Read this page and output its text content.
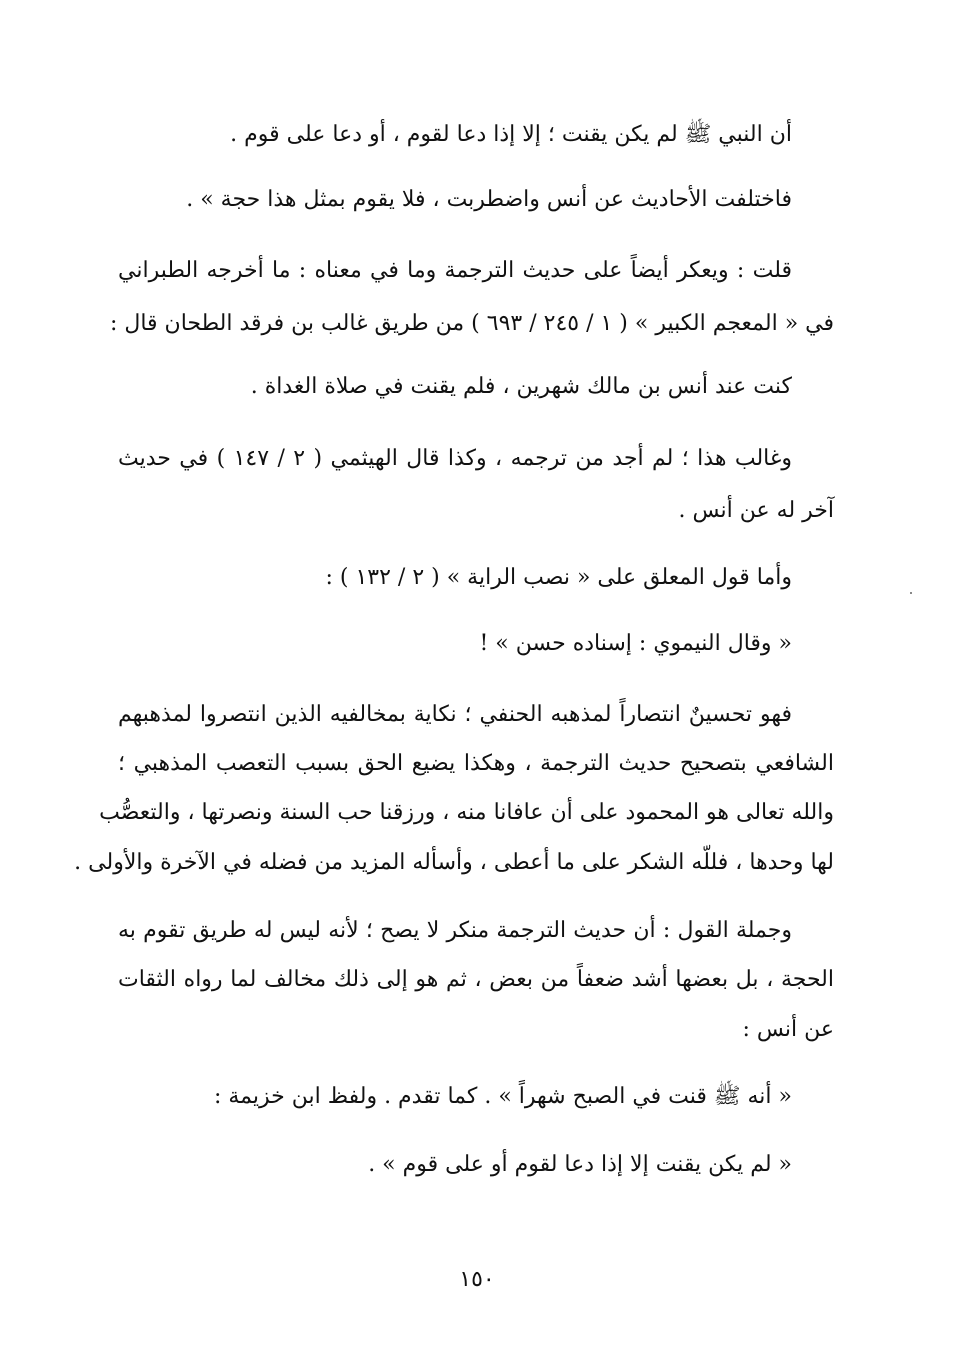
أن النبي ﷺ لم يكن يقنت ؛ إلا إذا دعا لقوم ، أو دعا على قوم .
فاختلفت الأحاديث عن أنس واضطربت ، فلا يقوم بمثل هذا حجة » .
قلت : ويعكر أيضاً على حديث الترجمة وما في معناه : ما أخرجه الطبراني
في « المعجم الكبير » ( ١ / ٢٤٥ / ٦٩٣ ) من طريق غالب بن فرقد الطحان قال :
كنت عند أنس بن مالك شهرين ، فلم يقنت في صلاة الغداة .
وغالب هذا ؛ لم أجد من ترجمه ، وكذا قال الهيثمي ( ٢ / ١٤٧ ) في حديث
آخر له عن أنس .
وأما قول المعلق على « نصب الراية » ( ٢ / ١٣٢ ) :
« وقال النيموي : إسناده حسن » !
فهو تحسينٌ انتصاراً لمذهبه الحنفي ؛ نكاية بمخالفيه الذين انتصروا لمذهبهم
الشافعي بتصحيح حديث الترجمة ، وهكذا يضيع الحق بسبب التعصب المذهبي ؛
والله تعالى هو المحمود على أن عافانا منه ، ورزقنا حب السنة ونصرتها ، والتعصُّب
لها وحدها ، فللّه الشكر على ما أعطى ، وأسأله المزيد من فضله في الآخرة والأولى .
وجملة القول : أن حديث الترجمة منكر لا يصح ؛ لأنه ليس له طريق تقوم به
الحجة ، بل بعضها أشد ضعفاً من بعض ، ثم هو إلى ذلك مخالف لما رواه الثقات
عن أنس :
« أنه ﷺ قنت في الصبح شهراً » . كما تقدم . ولفظ ابن خزيمة :
« لم يكن يقنت إلا إذا دعا لقوم أو على قوم » .
١٥٠
